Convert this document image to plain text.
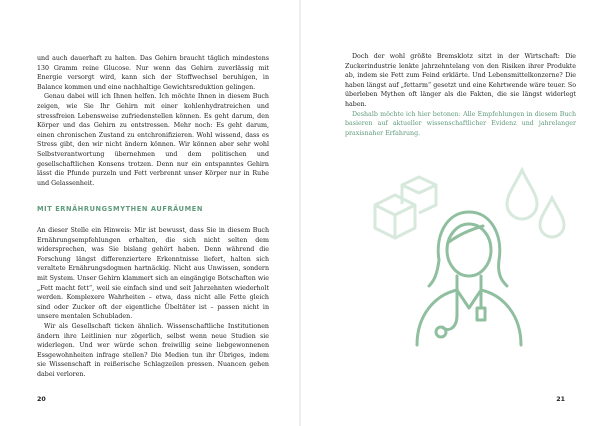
und auch dauerhaft zu halten. Das Gehirn braucht täglich mindestens 130 Gramm reine Glucose. Nur wenn das Gehirn zuverlässig mit Energie versorgt wird, kann sich der Stoffwechsel beruhigen, in Balance kommen und eine nachhaltige Gewichtsreduktion gelingen.

Genau dabei will ich Ihnen helfen. Ich möchte Ihnen in diesem Buch zeigen, wie Sie Ihr Gehirn mit einer kohlenhydratreichen und stressfreien Lebensweise zufriedenstellen können. Es geht darum, den Körper und das Gehirn zu entstressen. Mehr noch: Es geht darum, einen chronischen Zustand zu entchronifizieren. Wohl wissend, dass es Stress gibt, den wir nicht ändern können. Wir können aber sehr wohl Selbstverantwortung übernehmen und dem politischen und gesellschaftlichen Konsens trotzen. Denn nur ein entspanntes Gehirn lässt die Pfunde purzeln und Fett verbrennt unser Körper nur in Ruhe und Gelassenheit.

MIT ERNÄHRUNGSMYTHEN AUFRÄUMEN

An dieser Stelle ein Hinweis: Mir ist bewusst, dass Sie in diesem Buch Ernährungsempfehlungen erhalten, die sich nicht selten dem widersprechen, was Sie bislang gehört haben. Denn während die Forschung längst differenziertere Erkenntnisse liefert, halten sich veraltete Ernährungsdogmen hartnäckig. Nicht aus Unwissen, sondern mit System. Unser Gehirn klammert sich an eingängige Botschaften wie „Fett macht fett“, weil sie einfach sind und seit Jahrzehnten wiederholt werden. Komplexere Wahrheiten – etwa, dass nicht alle Fette gleich sind oder Zucker oft der eigentliche Übeltäter ist – passen nicht in unsere mentalen Schubladen.

Wir als Gesellschaft ticken ähnlich. Wissenschaftliche Institutionen ändern ihre Leitlinien nur zögerlich, selbst wenn neue Studien sie widerlegen. Und wer würde schon freiwillig seine liebgewonnenen Essgewohnheiten infrage stellen? Die Medien tun ihr Übriges, indem sie Wissenschaft in reißerische Schlagzeilen pressen. Nuancen gehen dabei verloren.

20

Doch der wohl größte Bremsklotz sitzt in der Wirtschaft: Die Zuckerindustrie lenkte jahrzehntelang von den Risiken ihrer Produkte ab, indem sie Fett zum Feind erklärte. Und Lebensmittelkonzerne? Die haben längst auf „fettarm“ gesetzt und eine Kehrtwende wäre teuer. So überleben Mythen oft länger als die Fakten, die sie längst widerlegt haben.

Deshalb möchte ich hier betonen: Alle Empfehlungen in diesem Buch basieren auf aktueller wissenschaftlicher Evidenz und jahrelanger praxisnaher Erfahrung.

21
